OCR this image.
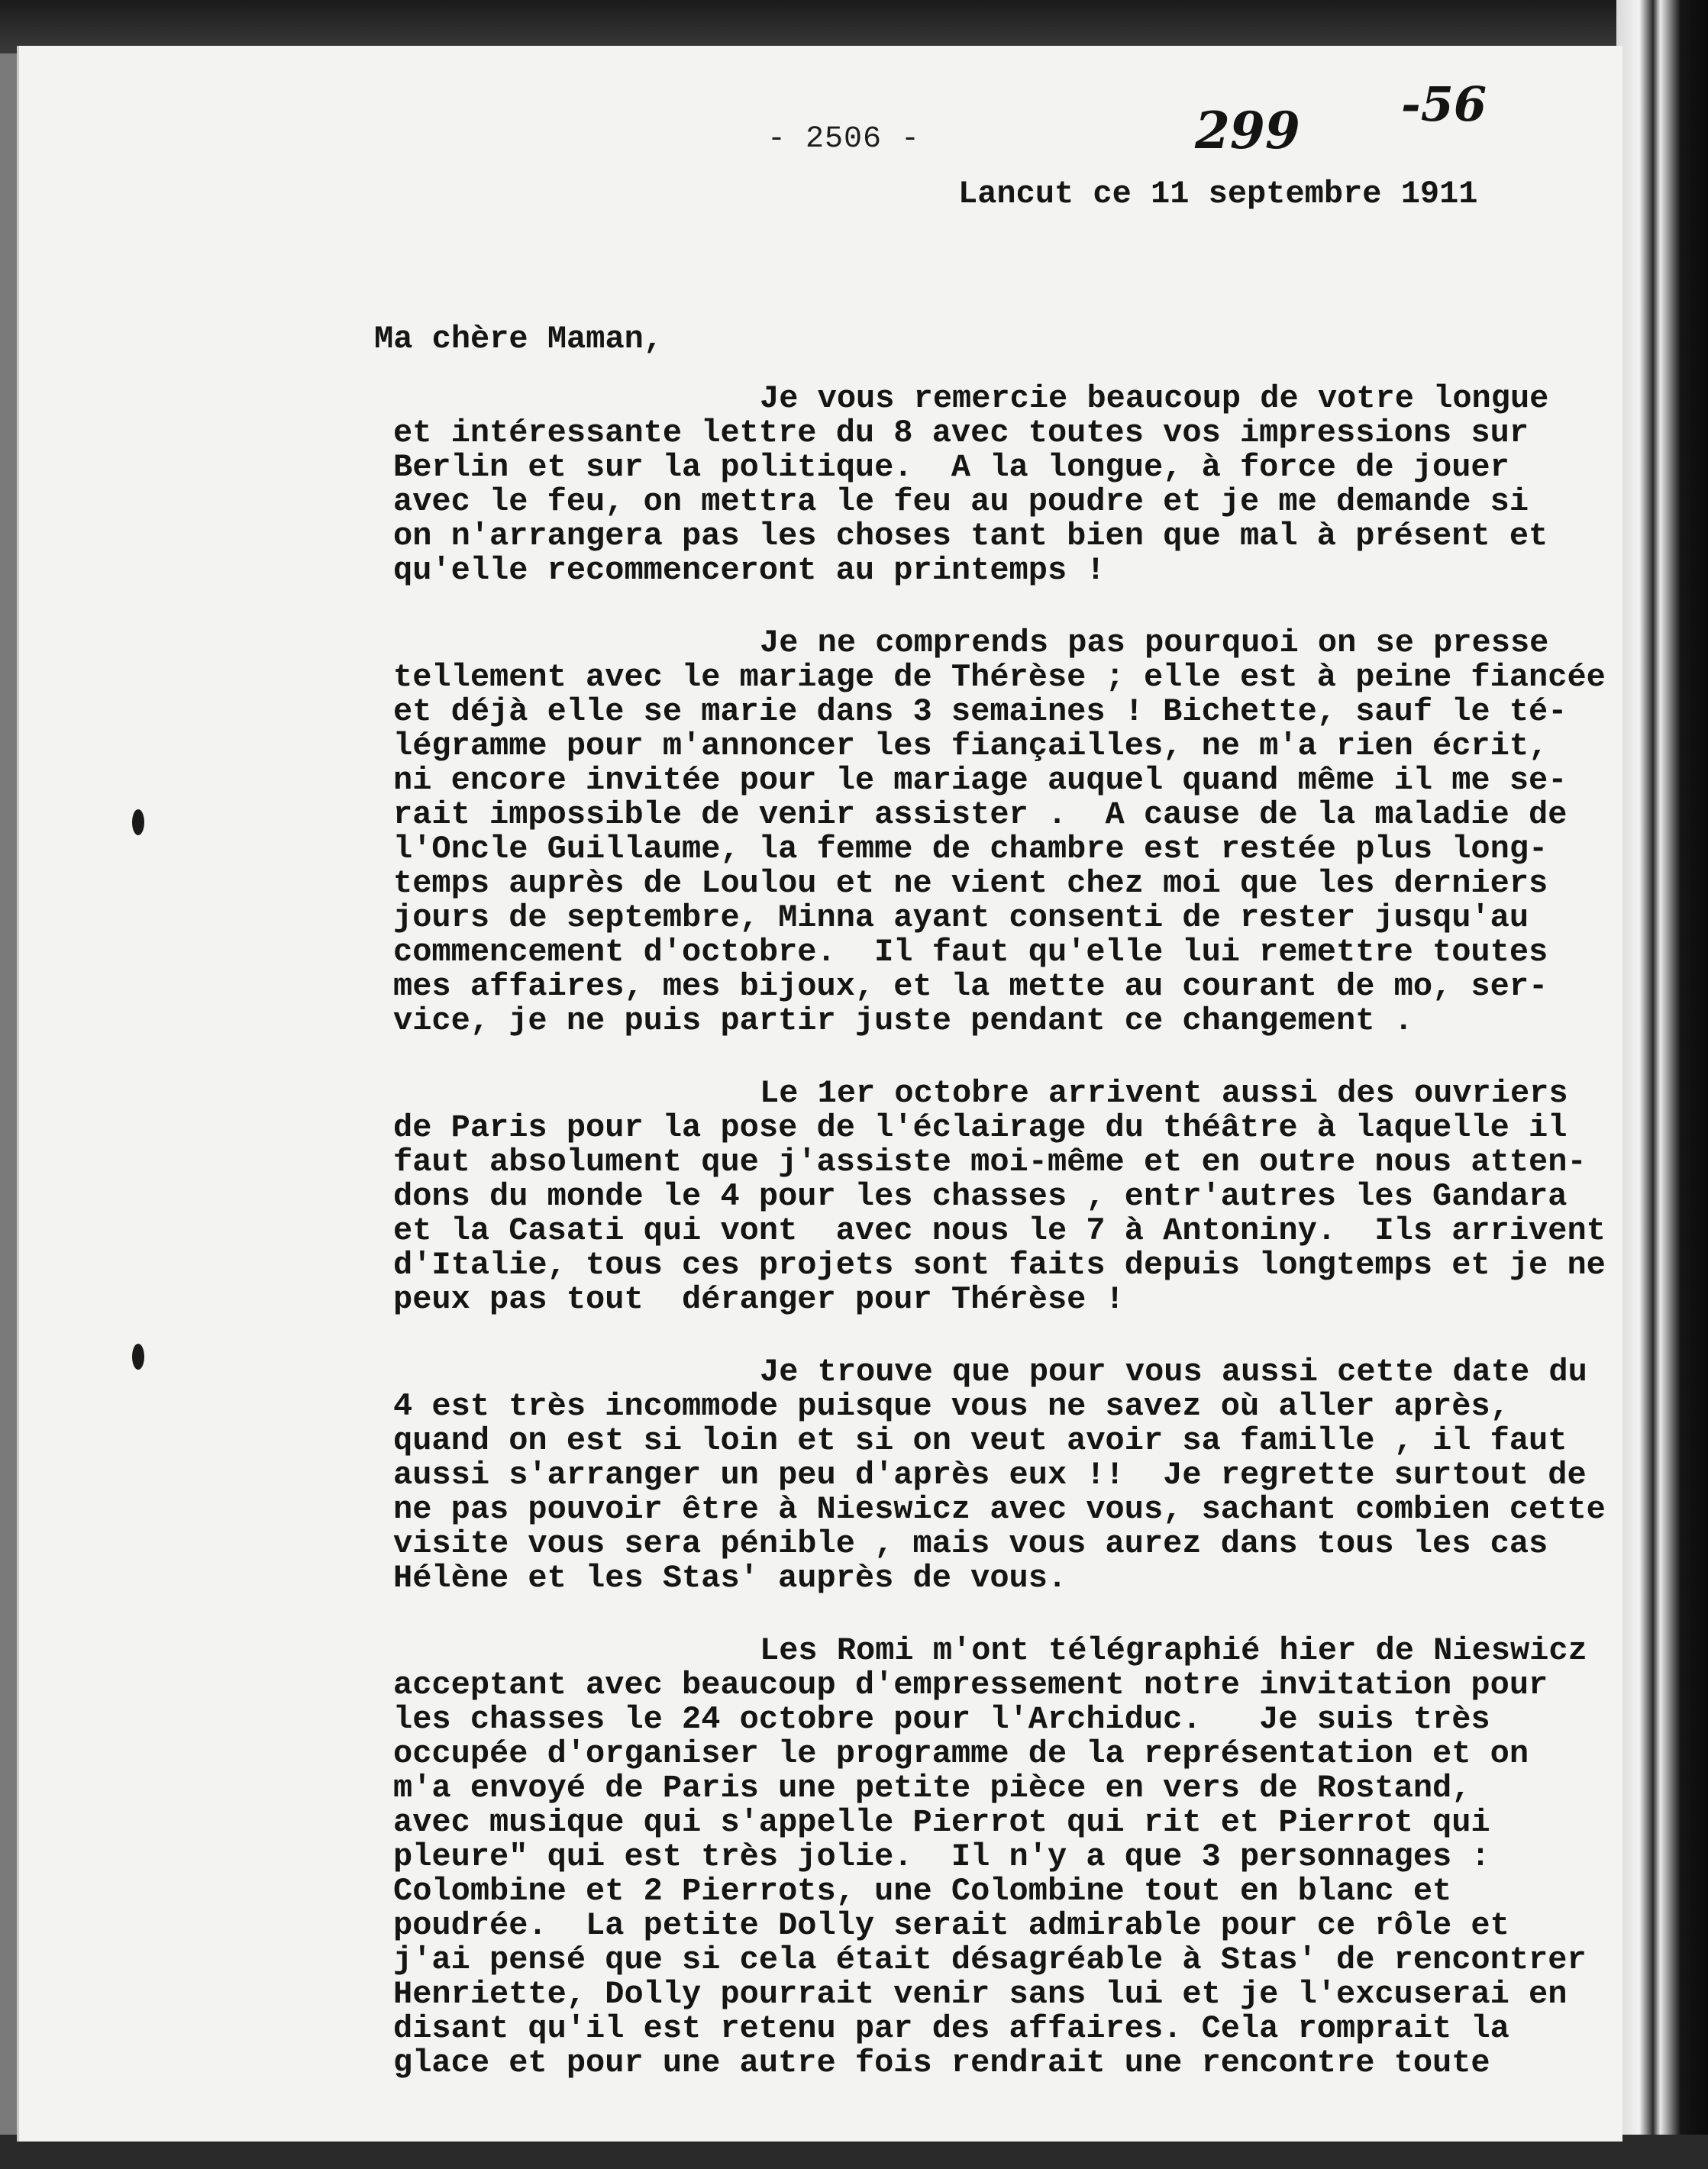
- 2506 -	299 -56
Lancut ce 11 septembre 1911
Ma chère Maman,
Je vous remercie beaucoup de votre longue
et intéressante lettre du 8 avec toutes vos impressions sur
Berlin et sur la politique.  A la longue, à force de jouer
avec le feu, on mettra le feu au poudre et je me demande si
on n'arrangera pas les choses tant bien que mal à présent et
qu'elle recommenceront au printemps !
Je ne comprends pas pourquoi on se presse
tellement avec le mariage de Thérèse ; elle est à peine fiancée
et déjà elle se marie dans 3 semaines ! Bichette, sauf le té-
légramme pour m'annoncer les fiançailles, ne m'a rien écrit,
ni encore invitée pour le mariage auquel quand même il me se-
rait impossible de venir assister .  A cause de la maladie de
l'Oncle Guillaume, la femme de chambre est restée plus long-
temps auprès de Loulou et ne vient chez moi que les derniers
jours de septembre, Minna ayant consenti de rester jusqu'au
commencement d'octobre.  Il faut qu'elle lui remettre toutes
mes affaires, mes bijoux, et la mette au courant de mo, ser-
vice, je ne puis partir juste pendant ce changement .
Le 1er octobre arrivent aussi des ouvriers
de Paris pour la pose de l'éclairage du théâtre à laquelle il
faut absolument que j'assiste moi-même et en outre nous atten-
dons du monde le 4 pour les chasses , entr'autres les Gandara
et la Casati qui vont  avec nous le 7 à Antoniny.  Ils arrivent
d'Italie, tous ces projets sont faits depuis longtemps et je ne
peux pas tout  déranger pour Thérèse !
Je trouve que pour vous aussi cette date du
4 est très incommode puisque vous ne savez où aller après,
quand on est si loin et si on veut avoir sa famille , il faut
aussi s'arranger un peu d'après eux !!  Je regrette surtout de
ne pas pouvoir être à Nieswicz avec vous, sachant combien cette
visite vous sera pénible , mais vous aurez dans tous les cas
Hélène et les Stas' auprès de vous.
Les Romi m'ont télégraphié hier de Nieswicz
acceptant avec beaucoup d'empressement notre invitation pour
les chasses le 24 octobre pour l'Archiduc.   Je suis très
occupée d'organiser le programme de la représentation et on
m'a envoyé de Paris une petite pièce en vers de Rostand,
avec musique qui s'appelle Pierrot qui rit et Pierrot qui
pleure" qui est très jolie.  Il n'y a que 3 personnages :
Colombine et 2 Pierrots, une Colombine tout en blanc et
poudrée.  La petite Dolly serait admirable pour ce rôle et
j'ai pensé que si cela était désagréable à Stas' de rencontrer
Henriette, Dolly pourrait venir sans lui et je l'excuserai en
disant qu'il est retenu par des affaires. Cela romprait la
glace et pour une autre fois rendrait une rencontre toute
